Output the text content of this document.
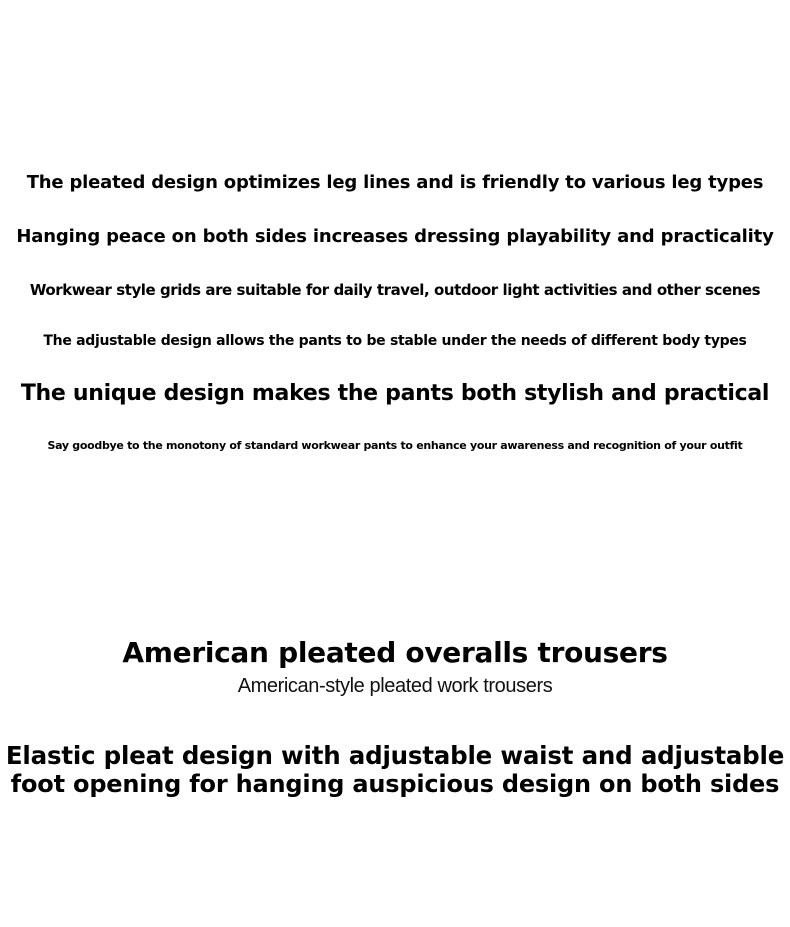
The pleated design optimizes leg lines and is friendly to various leg types
Hanging peace on both sides increases dressing playability and practicality
Workwear style grids are suitable for daily travel, outdoor light activities and other scenes
The adjustable design allows the pants to be stable under the needs of different body types
The unique design makes the pants both stylish and practical
Say goodbye to the monotony of standard workwear pants to enhance your awareness and recognition of your outfit
American pleated overalls trousers
American-style pleated work trousers
Elastic pleat design with adjustable waist and adjustable
foot opening for hanging auspicious design on both sides
